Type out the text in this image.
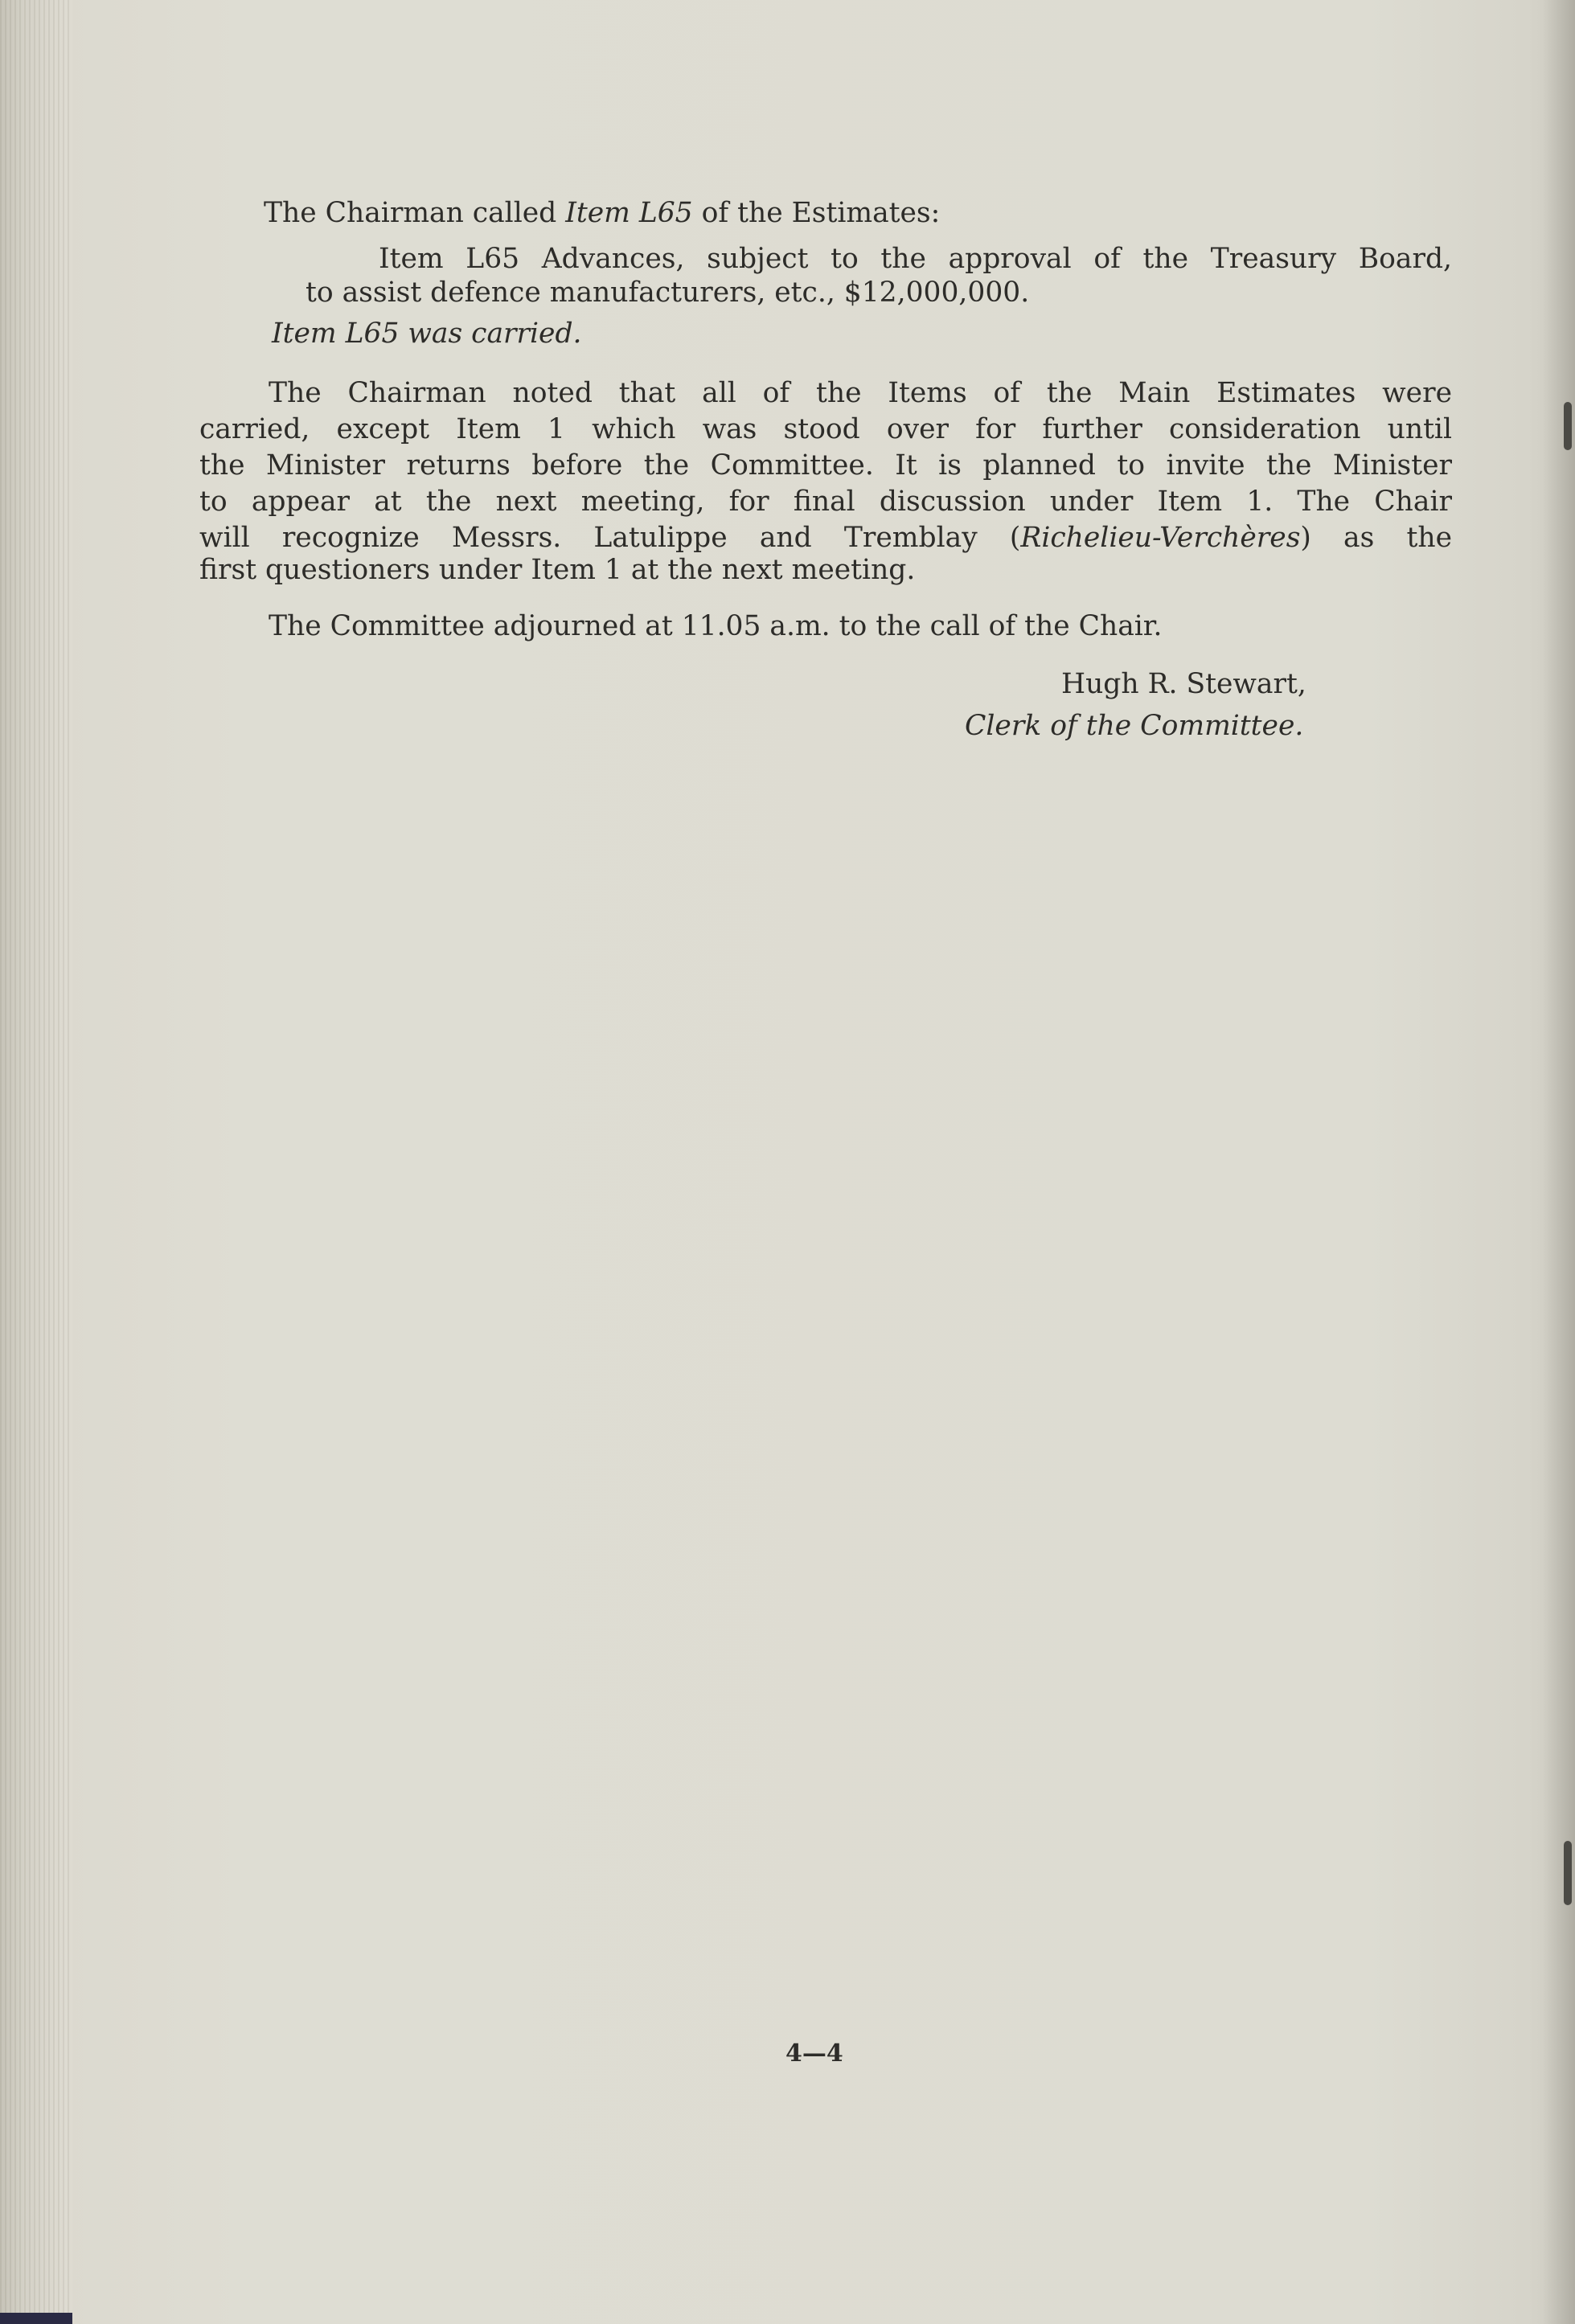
The Chairman called Item L65 of the Estimates:
Item L65 Advances, subject to the approval of the Treasury Board,
to assist defence manufacturers, etc., $12,000,000.
Item L65 was carried.
The Chairman noted that all of the Items of the Main Estimates were
carried, except Item 1 which was stood over for further consideration until
the Minister returns before the Committee. It is planned to invite the Minister
to appear at the next meeting, for final discussion under Item 1. The Chair
will recognize Messrs. Latulippe and Tremblay (Richelieu-Verchères) as the
first questioners under Item 1 at the next meeting.
The Committee adjourned at 11.05 a.m. to the call of the Chair.
Hugh R. Stewart,
Clerk of the Committee.
4—4
